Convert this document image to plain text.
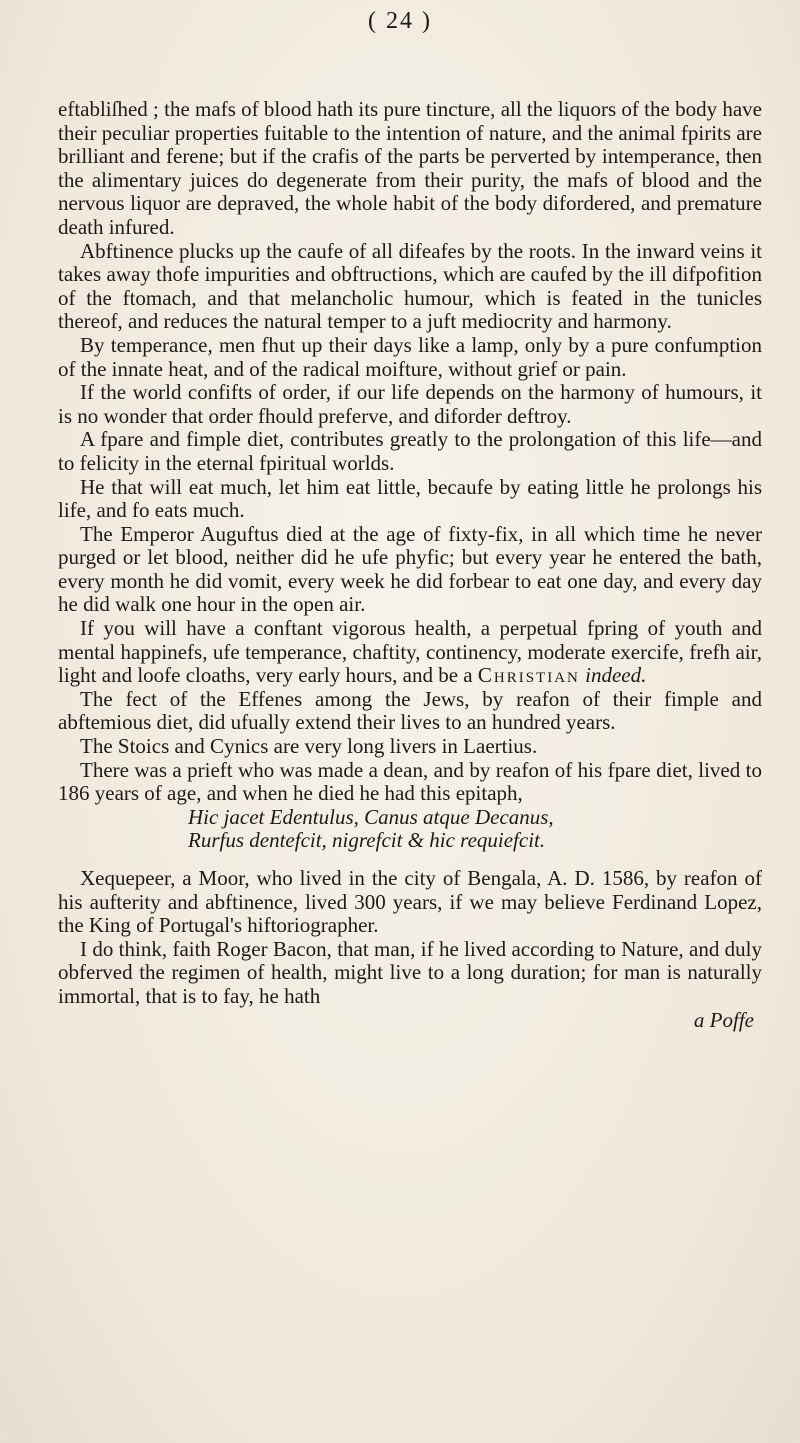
( 24 )

eftabliſhed ; the mafs of blood hath its pure tincture, all the liquors of the body have their peculiar properties fuitable to the intention of nature, and the animal fpirits are brilliant and ferene; but if the crafis of the parts be perverted by intemperance, then the alimentary juices do degenerate from their purity, the mafs of blood and the nervous liquor are depraved, the whole habit of the body difordered, and premature death infured.

Abftinence plucks up the caufe of all difeafes by the roots. In the inward veins it takes away thofe impurities and obftructions, which are caufed by the ill difpofition of the ftomach, and that melancholic humour, which is feated in the tunicles thereof, and reduces the natural temper to a juft mediocrity and harmony.

By temperance, men fhut up their days like a lamp, only by a pure confumption of the innate heat, and of the radical moifture, without grief or pain.

If the world confifts of order, if our life depends on the harmony of humours, it is no wonder that order fhould preferve, and diforder deftroy.

A fpare and fimple diet, contributes greatly to the prolongation of this life—and to felicity in the eternal fpiritual worlds.

He that will eat much, let him eat little, becaufe by eating little he prolongs his life, and fo eats much.

The Emperor Auguftus died at the age of fixty-fix, in all which time he never purged or let blood, neither did he ufe phyfic; but every year he entered the bath, every month he did vomit, every week he did forbear to eat one day, and every day he did walk one hour in the open air.

If you will have a conftant vigorous health, a perpetual fpring of youth and mental happinefs, ufe temperance, chaftity, continency, moderate exercife, frefh air, light and loofe cloaths, very early hours, and be a Christian indeed.

The fect of the Effenes among the Jews, by reafon of their fimple and abftemious diet, did ufually extend their lives to an hundred years.

The Stoics and Cynics are very long livers in Laertius.

There was a prieft who was made a dean, and by reafon of his fpare diet, lived to 186 years of age, and when he died he had this epitaph,

Hic jacet Edentulus, Canus atque Decanus,
Rurfus dentefcit, nigrefcit & hic requiefcit.

Xequepeer, a Moor, who lived in the city of Bengala, A. D. 1586, by reafon of his aufterity and abftinence, lived 300 years, if we may believe Ferdinand Lopez, the King of Portugal's hiftoriographer.

I do think, faith Roger Bacon, that man, if he lived according to Nature, and duly obferved the regimen of health, might live to a long duration; for man is naturally immortal, that is to fay, he hath

a Poffe
